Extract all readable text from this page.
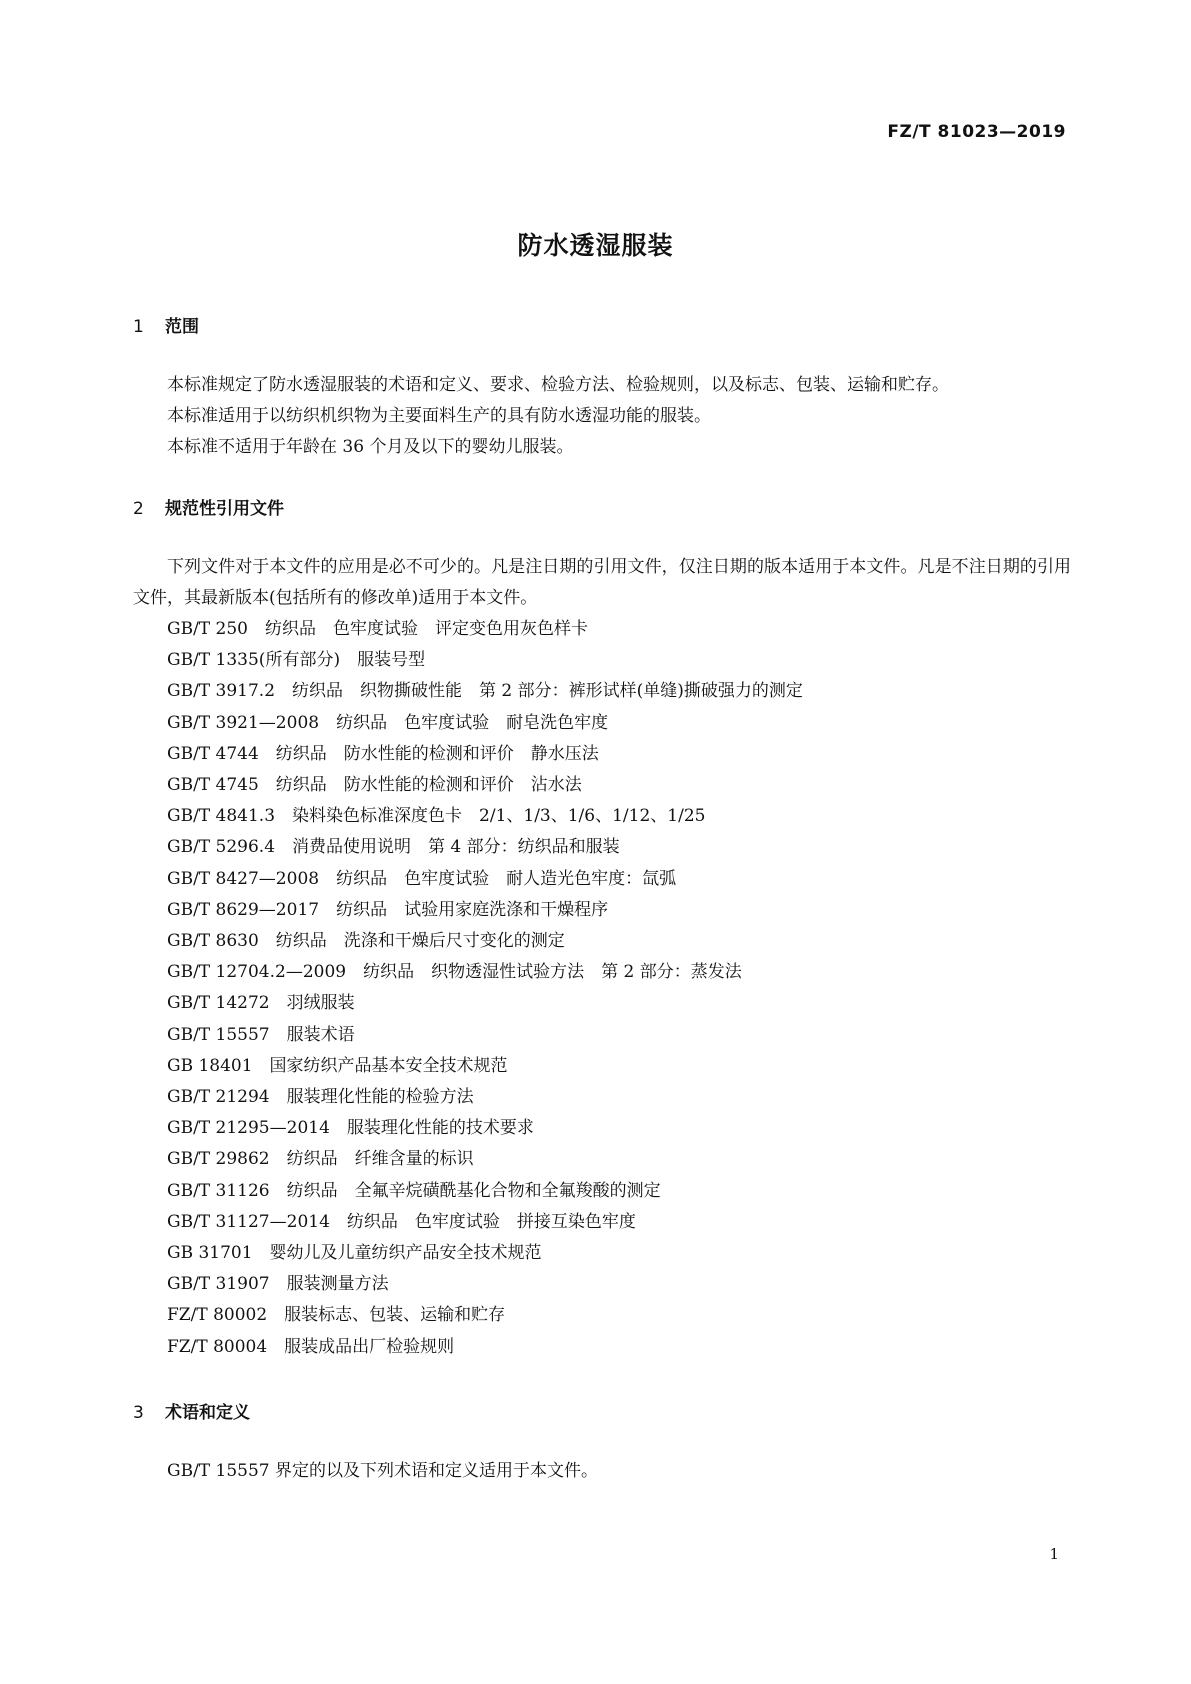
FZ/T 81023—2019
防水透湿服装
1 范围

本标准规定了防水透湿服装的术语和定义、要求、检验方法、检验规则，以及标志、包装、运输和贮存。

本标准适用于以纺织机织物为主要面料生产的具有防水透湿功能的服装。

本标准不适用于年龄在 36 个月及以下的婴幼儿服装。

2 规范性引用文件

下列文件对于本文件的应用是必不可少的。凡是注日期的引用文件，仅注日期的版本适用于本文件。凡是不注日期的引用文件，其最新版本(包括所有的修改单)适用于本文件。

GB/T 250　纺织品　色牢度试验　评定变色用灰色样卡
GB/T 1335(所有部分)　服装号型
GB/T 3917.2　纺织品　织物撕破性能　第 2 部分：裤形试样(单缝)撕破强力的测定
GB/T 3921—2008　纺织品　色牢度试验　耐皂洗色牢度
GB/T 4744　纺织品　防水性能的检测和评价　静水压法
GB/T 4745　纺织品　防水性能的检测和评价　沾水法
GB/T 4841.3　染料染色标准深度色卡　2/1、1/3、1/6、1/12、1/25
GB/T 5296.4　消费品使用说明　第 4 部分：纺织品和服装
GB/T 8427—2008　纺织品　色牢度试验　耐人造光色牢度：氙弧
GB/T 8629—2017　纺织品　试验用家庭洗涤和干燥程序
GB/T 8630　纺织品　洗涤和干燥后尺寸变化的测定
GB/T 12704.2—2009　纺织品　织物透湿性试验方法　第 2 部分：蒸发法
GB/T 14272　羽绒服装
GB/T 15557　服装术语
GB 18401　国家纺织产品基本安全技术规范
GB/T 21294　服装理化性能的检验方法
GB/T 21295—2014　服装理化性能的技术要求
GB/T 29862　纺织品　纤维含量的标识
GB/T 31126　纺织品　全氟辛烷磺酰基化合物和全氟羧酸的测定
GB/T 31127—2014　纺织品　色牢度试验　拼接互染色牢度
GB 31701　婴幼儿及儿童纺织产品安全技术规范
GB/T 31907　服装测量方法
FZ/T 80002　服装标志、包装、运输和贮存
FZ/T 80004　服装成品出厂检验规则
3 术语和定义

GB/T 15557 界定的以及下列术语和定义适用于本文件。

1
